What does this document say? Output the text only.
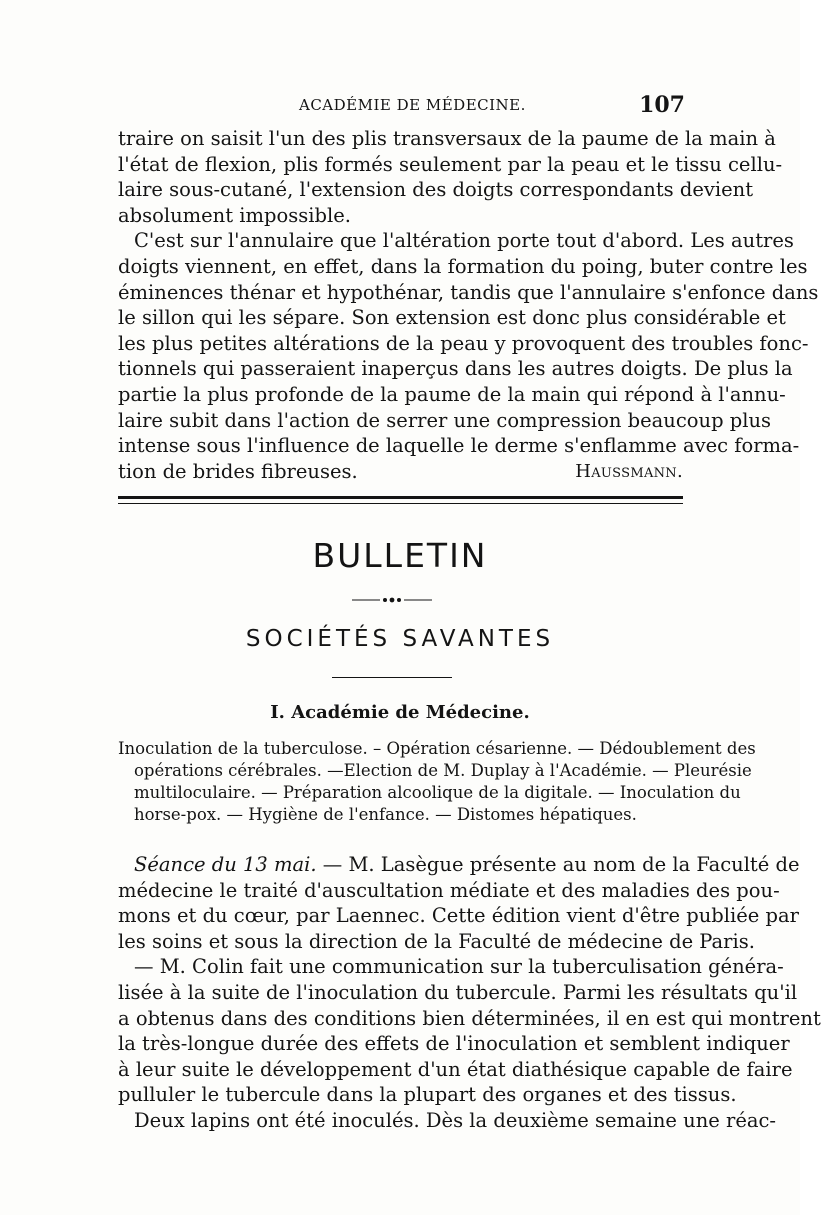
ACADÉMIE DE MÉDECINE.	107
traire on saisit l'un des plis transversaux de la paume de la main à
l'état de flexion, plis formés seulement par la peau et le tissu cellu-
laire sous-cutané, l'extension des doigts correspondants devient
absolument impossible.
C'est sur l'annulaire que l'altération porte tout d'abord. Les autres
doigts viennent, en effet, dans la formation du poing, buter contre les
éminences thénar et hypothénar, tandis que l'annulaire s'enfonce dans
le sillon qui les sépare. Son extension est donc plus considérable et
les plus petites altérations de la peau y provoquent des troubles fonc-
tionnels qui passeraient inaperçus dans les autres doigts. De plus la
partie la plus profonde de la paume de la main qui répond à l'annu-
laire subit dans l'action de serrer une compression beaucoup plus
intense sous l'influence de laquelle le derme s'enflamme avec forma-
tion de brides fibreuses.	Haussmann.
BULLETIN
SOCIÉTÉS SAVANTES
I. Académie de Médecine.
Inoculation de la tuberculose. – Opération césarienne. — Dédoublement des
opérations cérébrales. —Election de M. Duplay à l'Académie. — Pleurésie
multiloculaire. — Préparation alcoolique de la digitale. — Inoculation du
horse-pox. — Hygiène de l'enfance. — Distomes hépatiques.
Séance du 13 mai. — M. Lasègue présente au nom de la Faculté de
médecine le traité d'auscultation médiate et des maladies des pou-
mons et du cœur, par Laennec. Cette édition vient d'être publiée par
les soins et sous la direction de la Faculté de médecine de Paris.
— M. Colin fait une communication sur la tuberculisation généra-
lisée à la suite de l'inoculation du tubercule. Parmi les résultats qu'il
a obtenus dans des conditions bien déterminées, il en est qui montrent
la très-longue durée des effets de l'inoculation et semblent indiquer
à leur suite le développement d'un état diathésique capable de faire
pulluler le tubercule dans la plupart des organes et des tissus.
Deux lapins ont été inoculés. Dès la deuxième semaine une réac-
